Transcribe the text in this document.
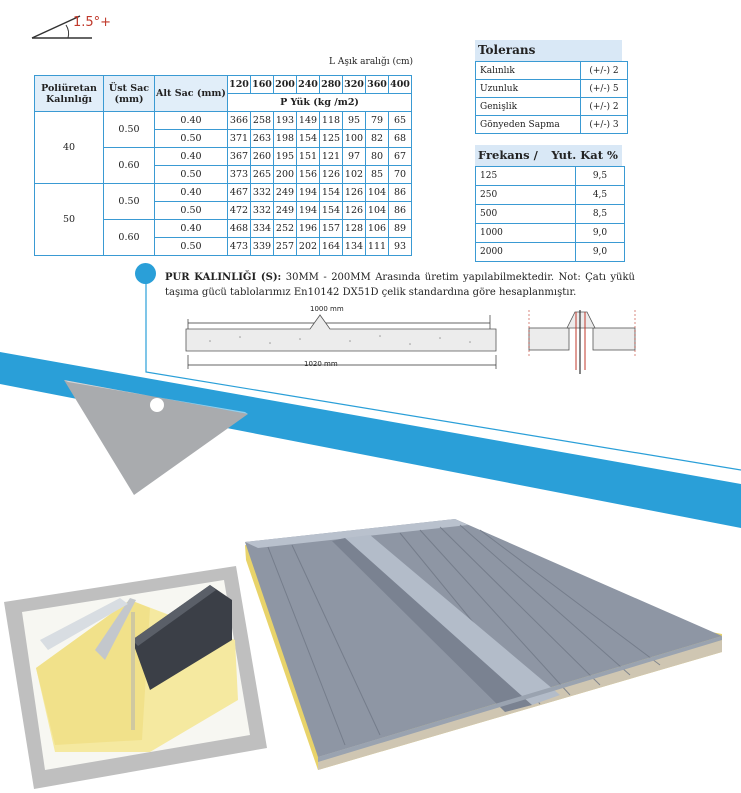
1.5°+
L Aşık aralığı (cm)
Poliüretan Kalınlığı	Üst Sac (mm)	Alt Sac (mm)	120	160	200	240	280	320	360	400
			P Yük (kg /m2)							
40	0.50	0.40	366	258	193	149	118	95	79	65
		0.50	371	263	198	154	125	100	82	68
	0.60	0.40	367	260	195	151	121	97	80	67
		0.50	373	265	200	156	126	102	85	70
50	0.50	0.40	467	332	249	194	154	126	104	86
		0.50	472	332	249	194	154	126	104	86
	0.60	0.40	468	334	252	196	157	128	106	89
		0.50	473	339	257	202	164	134	111	93
Tolerans
Kalınlık	(+/-) 2
Uzunluk	(+/-) 5
Genişlik	(+/-) 2
Gönyeden Sapma	(+/-) 3
Frekans / Yut. Kat %
125	9,5
250	4,5
500	8,5
1000	9,0
2000	9,0
1000 mm
1020 mm
PUR KALINLIĞI (S): 30MM - 200MM Arasında üretim yapılabilmektedir. Not: Çatı yükü taşıma gücü tablolarımız En10142 DX51D çelik standardına göre hesaplanmıştır.
